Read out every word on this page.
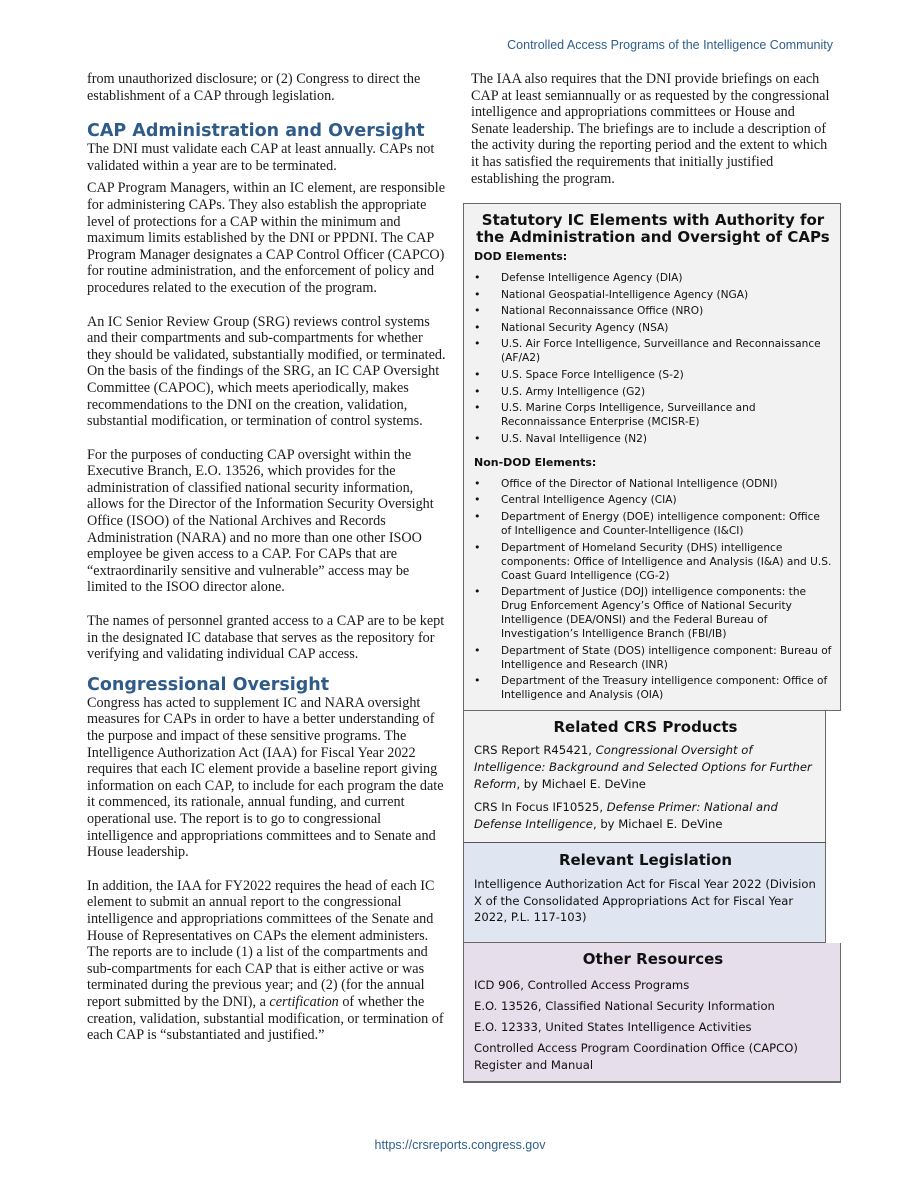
Controlled Access Programs of the Intelligence Community

from unauthorized disclosure; or (2) Congress to direct the establishment of a CAP through legislation.

CAP Administration and Oversight

The DNI must validate each CAP at least annually. CAPs not validated within a year are to be terminated.

CAP Program Managers, within an IC element, are responsible for administering CAPs. They also establish the appropriate level of protections for a CAP within the minimum and maximum limits established by the DNI or PPDNI. The CAP Program Manager designates a CAP Control Officer (CAPCO) for routine administration, and the enforcement of policy and procedures related to the execution of the program.

An IC Senior Review Group (SRG) reviews control systems and their compartments and sub-compartments for whether they should be validated, substantially modified, or terminated. On the basis of the findings of the SRG, an IC CAP Oversight Committee (CAPOC), which meets aperiodically, makes recommendations to the DNI on the creation, validation, substantial modification, or termination of control systems.

For the purposes of conducting CAP oversight within the Executive Branch, E.O. 13526, which provides for the administration of classified national security information, allows for the Director of the Information Security Oversight Office (ISOO) of the National Archives and Records Administration (NARA) and no more than one other ISOO employee be given access to a CAP. For CAPs that are “extraordinarily sensitive and vulnerable” access may be limited to the ISOO director alone.

The names of personnel granted access to a CAP are to be kept in the designated IC database that serves as the repository for verifying and validating individual CAP access.

Congressional Oversight

Congress has acted to supplement IC and NARA oversight measures for CAPs in order to have a better understanding of the purpose and impact of these sensitive programs. The Intelligence Authorization Act (IAA) for Fiscal Year 2022 requires that each IC element provide a baseline report giving information on each CAP, to include for each program the date it commenced, its rationale, annual funding, and current operational use. The report is to go to congressional intelligence and appropriations committees and to Senate and House leadership.

In addition, the IAA for FY2022 requires the head of each IC element to submit an annual report to the congressional intelligence and appropriations committees of the Senate and House of Representatives on CAPs the element administers. The reports are to include (1) a list of the compartments and sub-compartments for each CAP that is either active or was terminated during the previous year; and (2) (for the annual report submitted by the DNI), a certification of whether the creation, validation, substantial modification, or termination of each CAP is “substantiated and justified.”

The IAA also requires that the DNI provide briefings on each CAP at least semiannually or as requested by the congressional intelligence and appropriations committees or House and Senate leadership. The briefings are to include a description of the activity during the reporting period and the extent to which it has satisfied the requirements that initially justified establishing the program.
Statutory IC Elements with Authority for the Administration and Oversight of CAPs
DOD Elements:
• Defense Intelligence Agency (DIA)
• National Geospatial-Intelligence Agency (NGA)
• National Reconnaissance Office (NRO)
• National Security Agency (NSA)
• U.S. Air Force Intelligence, Surveillance and Reconnaissance (AF/A2)
• U.S. Space Force Intelligence (S-2)
• U.S. Army Intelligence (G2)
• U.S. Marine Corps Intelligence, Surveillance and Reconnaissance Enterprise (MCISR-E)
• U.S. Naval Intelligence (N2)
Non-DOD Elements:
• Office of the Director of National Intelligence (ODNI)
• Central Intelligence Agency (CIA)
• Department of Energy (DOE) intelligence component: Office of Intelligence and Counter-Intelligence (I&CI)
• Department of Homeland Security (DHS) intelligence components: Office of Intelligence and Analysis (I&A) and U.S. Coast Guard Intelligence (CG-2)
• Department of Justice (DOJ) intelligence components: the Drug Enforcement Agency’s Office of National Security Intelligence (DEA/ONSI) and the Federal Bureau of Investigation’s Intelligence Branch (FBI/IB)
• Department of State (DOS) intelligence component: Bureau of Intelligence and Research (INR)
• Department of the Treasury intelligence component: Office of Intelligence and Analysis (OIA)
Related CRS Products

CRS Report R45421, Congressional Oversight of Intelligence: Background and Selected Options for Further Reform, by Michael E. DeVine

CRS In Focus IF10525, Defense Primer: National and Defense Intelligence, by Michael E. DeVine

Relevant Legislation

Intelligence Authorization Act for Fiscal Year 2022 (Division X of the Consolidated Appropriations Act for Fiscal Year 2022, P.L. 117-103)

Other Resources

ICD 906, Controlled Access Programs

E.O. 13526, Classified National Security Information

E.O. 12333, United States Intelligence Activities

Controlled Access Program Coordination Office (CAPCO) Register and Manual

https://crsreports.congress.gov
